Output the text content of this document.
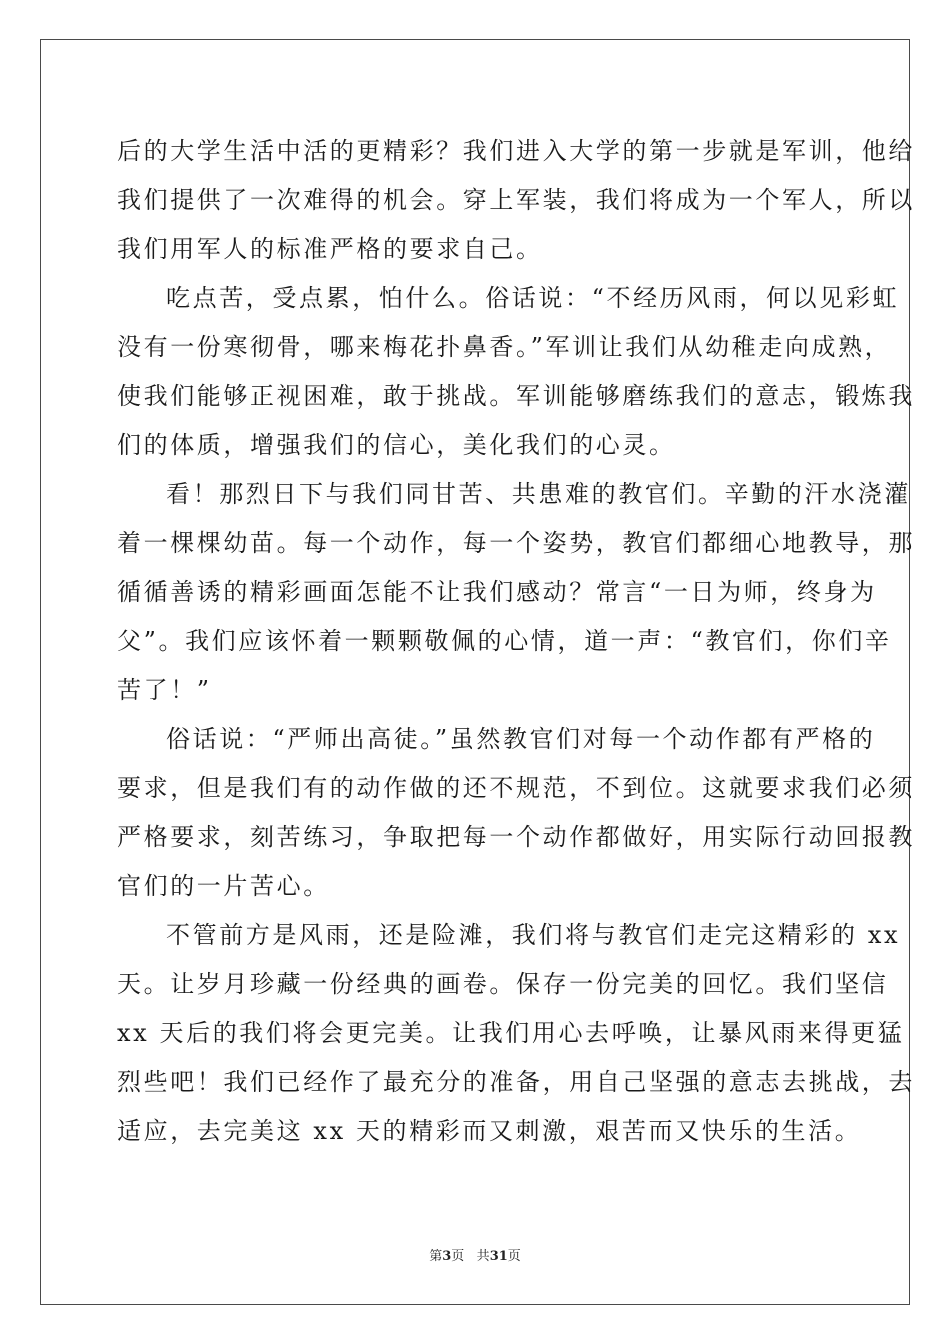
后的大学生活中活的更精彩？我们进入大学的第一步就是军训，他给
我们提供了一次难得的机会。穿上军装，我们将成为一个军人，所以
我们用军人的标准严格的要求自己。
吃点苦，受点累，怕什么。俗话说：“不经历风雨，何以见彩虹
没有一份寒彻骨，哪来梅花扑鼻香。”军训让我们从幼稚走向成熟，
使我们能够正视困难，敢于挑战。军训能够磨练我们的意志，锻炼我
们的体质，增强我们的信心，美化我们的心灵。
看！那烈日下与我们同甘苦、共患难的教官们。辛勤的汗水浇灌
着一棵棵幼苗。每一个动作，每一个姿势，教官们都细心地教导，那
循循善诱的精彩画面怎能不让我们感动？常言“一日为师，终身为
父”。我们应该怀着一颗颗敬佩的心情，道一声：“教官们，你们辛
苦了！”
俗话说：“严师出高徒。”虽然教官们对每一个动作都有严格的
要求，但是我们有的动作做的还不规范，不到位。这就要求我们必须
严格要求，刻苦练习，争取把每一个动作都做好，用实际行动回报教
官们的一片苦心。
不管前方是风雨，还是险滩，我们将与教官们走完这精彩的 xx
天。让岁月珍藏一份经典的画卷。保存一份完美的回忆。我们坚信
xx 天后的我们将会更完美。让我们用心去呼唤，让暴风雨来得更猛
烈些吧！我们已经作了最充分的准备，用自己坚强的意志去挑战，去
适应，去完美这 xx 天的精彩而又刺激，艰苦而又快乐的生活。
第3页 共31页
